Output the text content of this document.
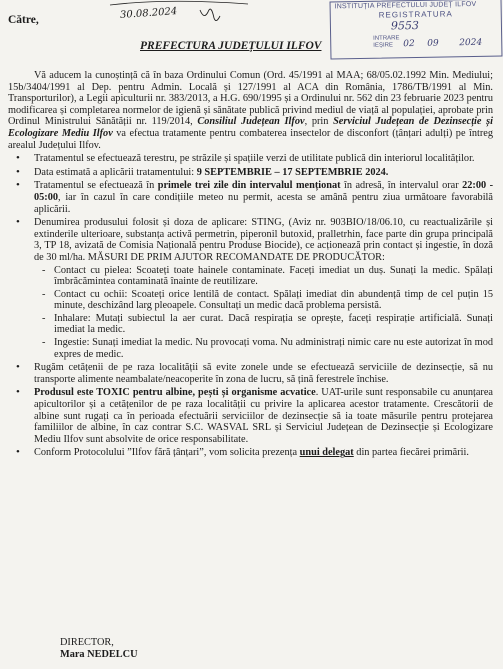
30.08.2024
INSTITUȚIA PREFECTULUI JUDEȚ ILFOV
REGISTRATURA
9553
INTRARE
IEȘIRE	02	09	2024
Către,
PREFECTURA JUDEȚULUI ILFOV

Vă aducem la cunoștință că în baza Ordinului Comun (Ord. 45/1991 al MAA; 68/05.02.1992 Min. Mediului; 15b/3404/1991 al Dep. pentru Admin. Locală și 127/1991 al ACA din România, 1786/TB/1991 al Min. Transporturilor), a Legii apiculturii nr. 383/2013, a H.G. 690/1995 și a Ordinului nr. 562 din 23 februarie 2023 pentru modificarea și completarea normelor de igienă și sănătate publică privind mediul de viață al populației, aprobate prin Ordinul Ministrului Sănătății nr. 119/2014, Consiliul Județean Ilfov, prin Serviciul Județean de Dezinsecție și Ecologizare Mediu Ilfov va efectua tratamente pentru combaterea insectelor de disconfort (țânțari adulți) pe întreg arealul Județului Ilfov.

• Tratamentul se efectuează terestru, pe străzile și spațiile verzi de utilitate publică din interiorul localităților.
• Data estimată a aplicării tratamentului: 9 SEPTEMBRIE – 17 SEPTEMBRIE 2024.
• Tratamentul se efectuează în primele trei zile din intervalul menționat în adresă, în intervalul orar 22:00 - 05:00, iar în cazul în care condițiile meteo nu permit, acesta se amână pentru ziua următoare favorabilă aplicării.
• Denumirea produsului folosit și doza de aplicare: STING, (Aviz nr. 903BIO/18/06.10, cu reactualizările și extinderile ulterioare, substanța activă permetrin, piperonil butoxid, pralletrhin, face parte din grupa principală 3, TP 18, avizată de Comisia Națională pentru Produse Biocide), ce acționează prin contact și ingestie, în doză de 30 ml/ha. MĂSURI DE PRIM AJUTOR RECOMANDATE DE PRODUCĂTOR:
- Contact cu pielea: Scoateți toate hainele contaminate. Faceți imediat un duș. Sunați la medic. Spălați îmbrăcămintea contaminată înainte de reutilizare.
- Contact cu ochii: Scoateți orice lentilă de contact. Spălați imediat din abundență timp de cel puțin 15 minute, deschizând larg pleoapele. Consultați un medic dacă problema persistă.
- Inhalare: Mutați subiectul la aer curat. Dacă respirația se oprește, faceți respirație artificială. Sunați imediat la medic.
- Ingestie: Sunați imediat la medic. Nu provocați voma. Nu administrați nimic care nu este autorizat în mod expres de medic.
• Rugăm cetățenii de pe raza localității să evite zonele unde se efectuează serviciile de dezinsecție, să nu transporte alimente neambalate/neacoperite în zona de lucru, să țină ferestrele închise.
• Produsul este TOXIC pentru albine, pești și organisme acvatice. UAT-urile sunt responsabile cu anunțarea apicultorilor și a cetățenilor de pe raza localității cu privire la aplicarea acestor tratamente. Crescătorii de albine sunt rugați ca în perioada efectuării serviciilor de dezinsecție să ia toate măsurile pentru protejarea familiilor de albine, în caz contrar S.C. WASVAL SRL și Serviciul Județean de Dezinsecție și Ecologizare Mediu Ilfov sunt absolvite de orice responsabilitate.
• Conform Protocolului ”Ilfov fără țânțari”, vom solicita prezența unui delegat din partea fiecărei primării.
DIRECTOR,
Mara NEDELCU
